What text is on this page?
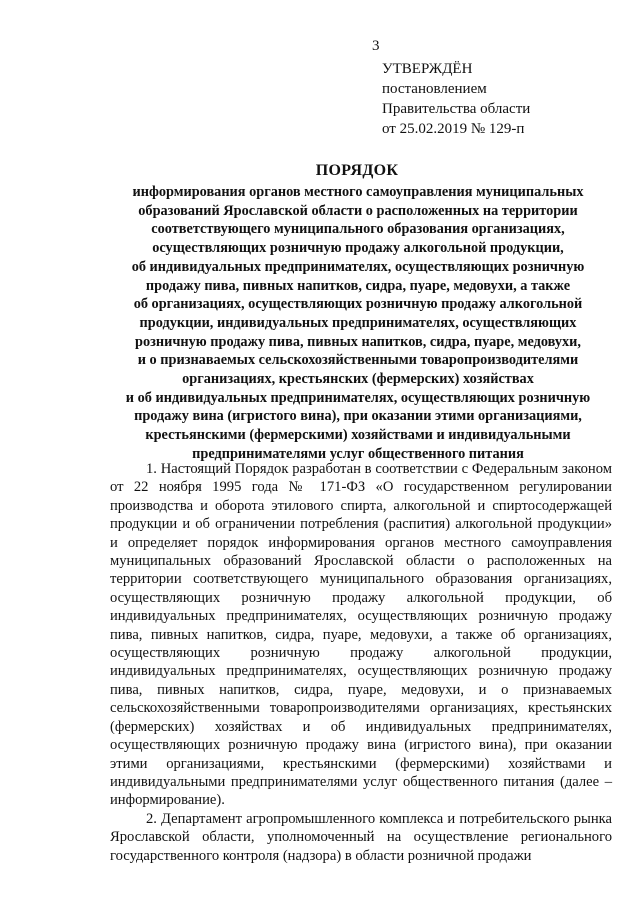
3
УТВЕРЖДЁН
постановлением
Правительства области
от 25.02.2019 № 129-п
ПОРЯДОК
информирования органов местного самоуправления муниципальных
образований Ярославской области о расположенных на территории
соответствующего муниципального образования организациях,
осуществляющих розничную продажу алкогольной продукции,
об индивидуальных предпринимателях, осуществляющих розничную
продажу пива, пивных напитков, сидра, пуаре, медовухи, а также
об организациях, осуществляющих розничную продажу алкогольной
продукции, индивидуальных предпринимателях, осуществляющих
розничную продажу пива, пивных напитков, сидра, пуаре, медовухи,
и о признаваемых сельскохозяйственными товаропроизводителями
организациях, крестьянских (фермерских) хозяйствах
и об индивидуальных предпринимателях, осуществляющих розничную
продажу вина (игристого вина), при оказании этими организациями,
крестьянскими (фермерскими) хозяйствами и индивидуальными
предпринимателями услуг общественного питания

1. Настоящий Порядок разработан в соответствии с Федеральным законом от 22 ноября 1995 года № 171-ФЗ «О государственном регулировании производства и оборота этилового спирта, алкогольной и спиртосодержащей продукции и об ограничении потребления (распития) алкогольной продукции» и определяет порядок информирования органов местного самоуправления муниципальных образований Ярославской области о расположенных на территории соответствующего муниципального образования организациях, осуществляющих розничную продажу алкогольной продукции, об индивидуальных предпринимателях, осуществляющих розничную продажу пива, пивных напитков, сидра, пуаре, медовухи, а также об организациях, осуществляющих розничную продажу алкогольной продукции, индивидуальных предпринимателях, осуществляющих розничную продажу пива, пивных напитков, сидра, пуаре, медовухи, и о признаваемых сельскохозяйственными товаропроизводителями организациях, крестьянских (фермерских) хозяйствах и об индивидуальных предпринимателях, осуществляющих розничную продажу вина (игристого вина), при оказании этими организациями, крестьянскими (фермерскими) хозяйствами и индивидуальными предпринимателями услуг общественного питания (далее – информирование).

2. Департамент агропромышленного комплекса и потребительского рынка Ярославской области, уполномоченный на осуществление регионального государственного контроля (надзора) в области розничной продажи
